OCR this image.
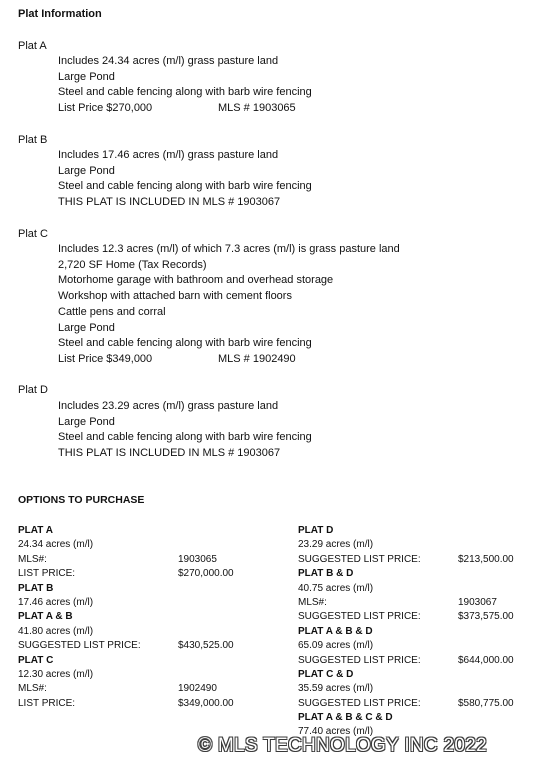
Plat Information
Plat A
Includes 24.34 acres (m/l) grass pasture land
Large Pond
Steel and cable fencing along with barb wire fencing
List Price $270,000	MLS # 1903065
Plat B
Includes 17.46 acres (m/l) grass pasture land
Large Pond
Steel and cable fencing along with barb wire fencing
THIS PLAT IS INCLUDED IN MLS # 1903067
Plat C
Includes 12.3 acres (m/l) of which 7.3 acres (m/l) is grass pasture land
2,720 SF Home (Tax Records)
Motorhome garage with bathroom and overhead storage
Workshop with attached barn with cement floors
Cattle pens and corral
Large Pond
Steel and cable fencing along with barb wire fencing
List Price $349,000	MLS # 1902490
Plat D
Includes 23.29 acres (m/l) grass pasture land
Large Pond
Steel and cable fencing along with barb wire fencing
THIS PLAT IS INCLUDED IN MLS # 1903067
OPTIONS TO PURCHASE
PLAT A
24.34 acres (m/l)
MLS#:	1903065
LIST PRICE:	$270,000.00
PLAT B
17.46 acres (m/l)
PLAT A & B
41.80 acres (m/l)
SUGGESTED LIST PRICE:	$430,525.00
PLAT C
12.30 acres (m/l)
MLS#:	1902490
LIST PRICE:	$349,000.00
PLAT D
23.29 acres (m/l)
SUGGESTED LIST PRICE:	$213,500.00
PLAT B & D
40.75 acres (m/l)
MLS#:	1903067
SUGGESTED LIST PRICE:	$373,575.00
PLAT A & B & D
65.09 acres (m/l)
SUGGESTED LIST PRICE:	$644,000.00
PLAT C & D
35.59 acres (m/l)
SUGGESTED LIST PRICE:	$580,775.00
PLAT A & B & C & D
77.40 acres (m/l)
© MLS TECHNOLOGY INC 2022
